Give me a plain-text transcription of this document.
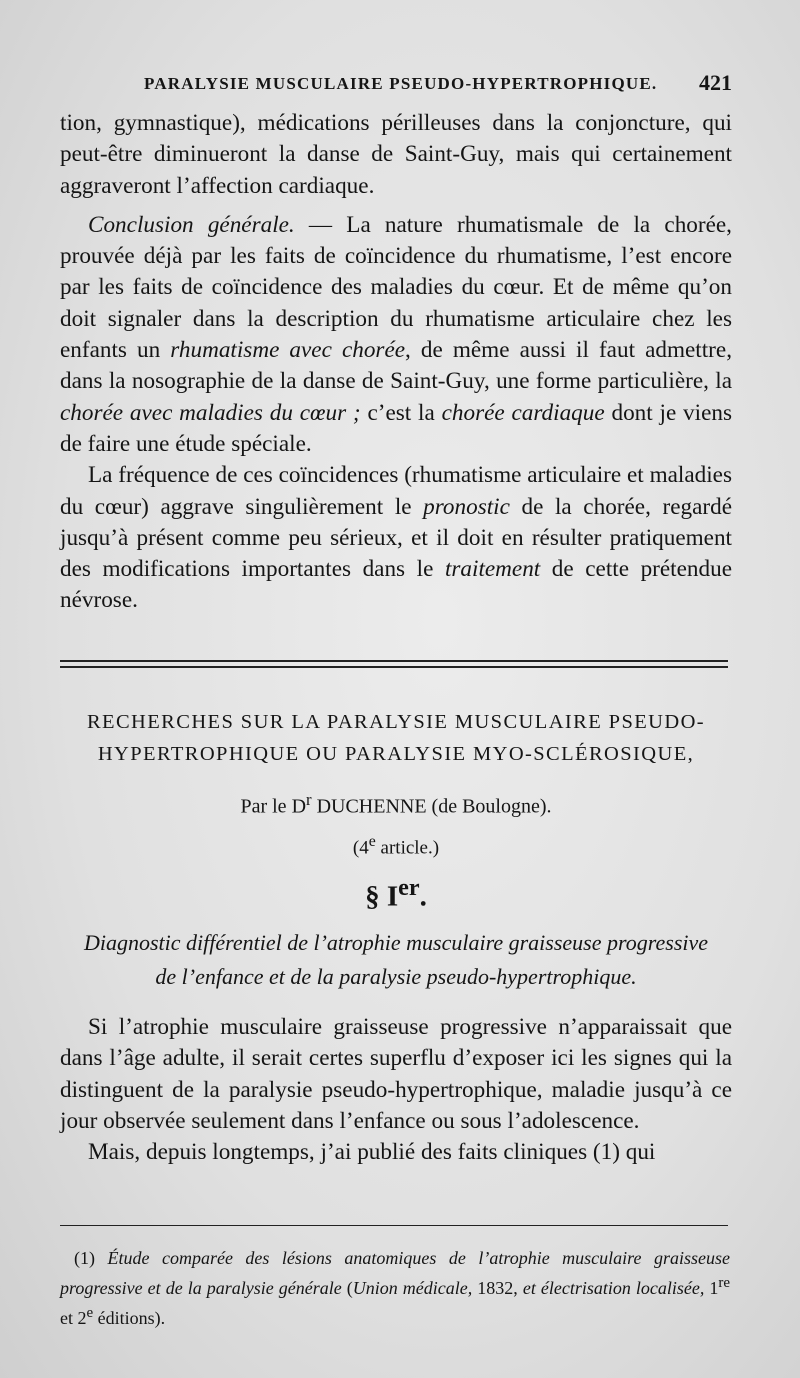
PARALYSIE MUSCULAIRE PSEUDO-HYPERTROPHIQUE. 421

tion, gymnastique), médications périlleuses dans la conjoncture, qui peut-être diminueront la danse de Saint-Guy, mais qui certainement aggraveront l’affection cardiaque.

Conclusion générale. — La nature rhumatismale de la chorée, prouvée déjà par les faits de coïncidence du rhumatisme, l’est encore par les faits de coïncidence des maladies du cœur. Et de même qu’on doit signaler dans la description du rhumatisme articulaire chez les enfants un rhumatisme avec chorée, de même aussi il faut admettre, dans la nosographie de la danse de Saint-Guy, une forme particulière, la chorée avec maladies du cœur ; c’est la chorée cardiaque dont je viens de faire une étude spéciale.

La fréquence de ces coïncidences (rhumatisme articulaire et maladies du cœur) aggrave singulièrement le pronostic de la chorée, regardé jusqu’à présent comme peu sérieux, et il doit en résulter pratiquement des modifications importantes dans le traitement de cette prétendue névrose.

RECHERCHES SUR LA PARALYSIE MUSCULAIRE PSEUDO-
HYPERTROPHIQUE OU PARALYSIE MYO-SCLÉROSIQUE,
Par le $D^r$ DUCHENNE (de Boulogne).
(4e article.)
§ Ier.
Diagnostic différentiel de l’atrophie musculaire graisseuse progressive
de l’enfance et de la paralysie pseudo-hypertrophique.

Si l’atrophie musculaire graisseuse progressive n’apparaissait que dans l’âge adulte, il serait certes superflu d’exposer ici les signes qui la distinguent de la paralysie pseudo-hypertrophique, maladie jusqu’à ce jour observée seulement dans l’enfance ou sous l’adolescence.

Mais, depuis longtemps, j’ai publié des faits cliniques (1) qui

(1) Étude comparée des lésions anatomiques de l’atrophie musculaire graisseuse progressive et de la paralysie générale (Union médicale, 1832, et électrisation localisée, 1re et 2e éditions).
